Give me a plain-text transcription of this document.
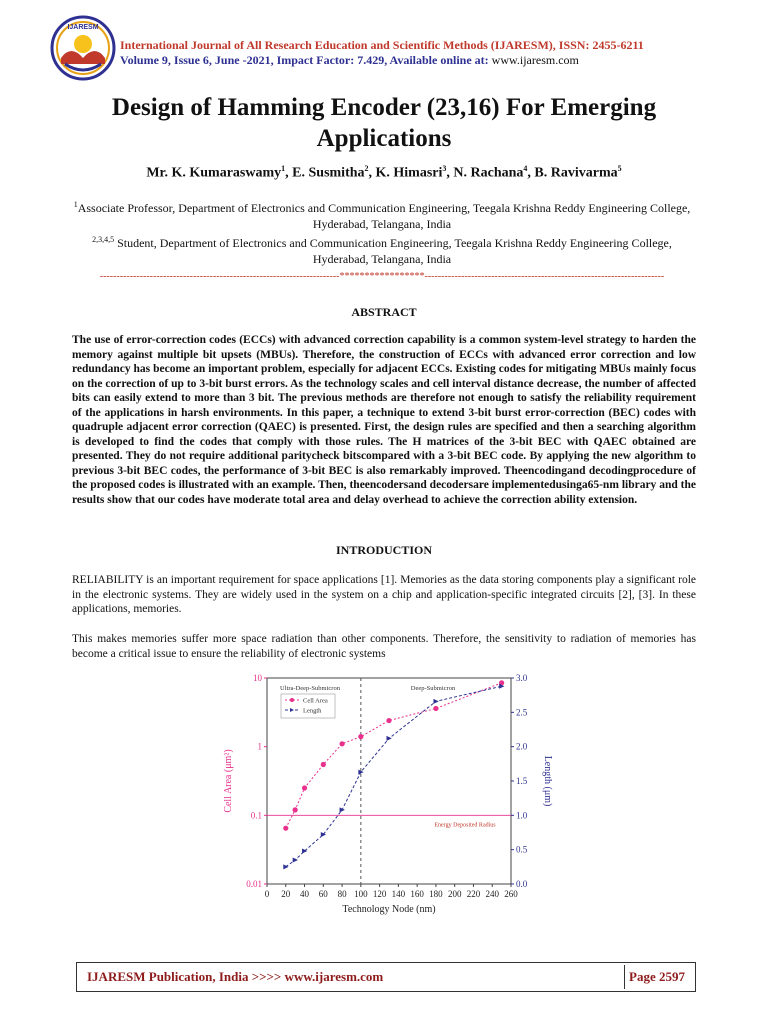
IJARESM
International Journal of All Research Education and Scientific Methods (IJARESM), ISSN: 2455-6211
Volume 9, Issue 6, June -2021, Impact Factor: 7.429, Available online at: www.ijaresm.com
Design of Hamming Encoder (23,16) For Emerging Applications
Mr. K. Kumaraswamy$^1$, E. Susmitha$^2$, K. Himasri$^3$, N. Rachana$^4$, B. Ravivarma$^5$
$^1$Associate Professor, Department of Electronics and Communication Engineering, Teegala Krishna Reddy Engineering College, Hyderabad, Telangana, India
$^{2,3,4,5}$ Student, Department of Electronics and Communication Engineering, Teegala Krishna Reddy Engineering College, Hyderabad, Telangana, India
------------------------------------------------------------------------*****************------------------------------------------------------------------------
ABSTRACT
The use of error-correction codes (ECCs) with advanced correction capability is a common system-level strategy to harden the memory against multiple bit upsets (MBUs). Therefore, the construction of ECCs with advanced error correction and low redundancy has become an important problem, especially for adjacent ECCs. Existing codes for mitigating MBUs mainly focus on the correction of up to 3-bit burst errors. As the technology scales and cell interval distance decrease, the number of affected bits can easily extend to more than 3 bit. The previous methods are therefore not enough to satisfy the reliability requirement of the applications in harsh environments. In this paper, a technique to extend 3-bit burst error-correction (BEC) codes with quadruple adjacent error correction (QAEC) is presented. First, the design rules are specified and then a searching algorithm is developed to find the codes that comply with those rules. The H matrices of the 3-bit BEC with QAEC obtained are presented. They do not require additional paritycheck bitscompared with a 3-bit BEC code. By applying the new algorithm to previous 3-bit BEC codes, the performance of 3-bit BEC is also remarkably improved. Theencodingand decodingprocedure of the proposed codes is illustrated with an example. Then, theencodersand decodersare implementedusinga65-nm library and the results show that our codes have moderate total area and delay overhead to achieve the correction ability extension.
INTRODUCTION
RELIABILITY is an important requirement for space applications [1]. Memories as the data storing components play a significant role in the electronic systems. They are widely used in the system on a chip and application-specific integrated circuits [2], [3]. In these applications, memories.
This makes memories suffer more space radiation than other components. Therefore, the sensitivity to radiation of memories has become a critical issue to ensure the reliability of electronic systems
0 20 40 60 80 100 120 140 160 180 200 220 240 260
0.01
0.1
1
10
0.0
0.5
1.0
1.5
2.0
2.5
3.0
Technology Node (nm)
Cell Area (μm²)	Length (μm)
Energy Deposited Radius
Ultra-Deep-Submicron	Deep-Submicron
Cell Area
Length
IJARESM Publication, India >>>> www.ijaresm.com	Page 2597
